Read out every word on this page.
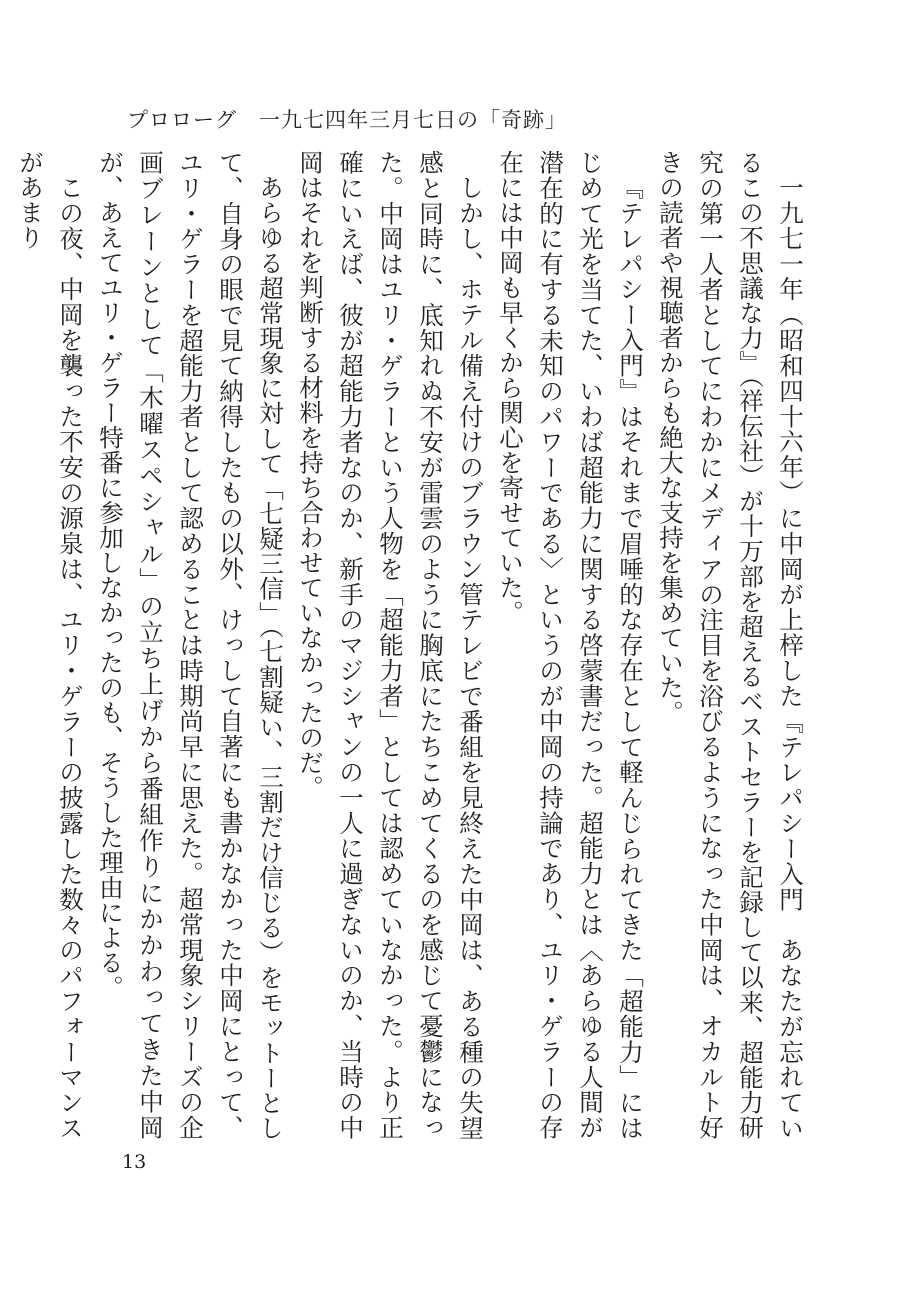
プロローグ　一九七四年三月七日の「奇跡」

一九七一年（昭和四十六年）に中岡が上梓した『テレパシー入門　あなたが忘れているこの不思議な力』（祥伝社）が十万部を超えるベストセラーを記録して以来、超能力研究の第一人者としてにわかにメディアの注目を浴びるようになった中岡は、オカルト好きの読者や視聴者からも絶大な支持を集めていた。

『テレパシー入門』はそれまで眉唾的な存在として軽んじられてきた「超能力」にはじめて光を当てた、いわば超能力に関する啓蒙書だった。超能力とは〈あらゆる人間が潜在的に有する未知のパワーである〉というのが中岡の持論であり、ユリ・ゲラーの存在には中岡も早くから関心を寄せていた。

しかし、ホテル備え付けのブラウン管テレビで番組を見終えた中岡は、ある種の失望感と同時に、底知れぬ不安が雷雲のように胸底にたちこめてくるのを感じて憂鬱になった。中岡はユリ・ゲラーという人物を「超能力者」としては認めていなかった。より正確にいえば、彼が超能力者なのか、新手のマジシャンの一人に過ぎないのか、当時の中岡はそれを判断する材料を持ち合わせていなかったのだ。

あらゆる超常現象に対して「七疑三信」（七割疑い、三割だけ信じる）をモットーとして、自身の眼で見て納得したもの以外、けっして自著にも書かなかった中岡にとって、ユリ・ゲラーを超能力者として認めることは時期尚早に思えた。超常現象シリーズの企画ブレーンとして「木曜スペシャル」の立ち上げから番組作りにかかわってきた中岡が、あえてユリ・ゲラー特番に参加しなかったのも、そうした理由による。

この夜、中岡を襲った不安の源泉は、ユリ・ゲラーの披露した数々のパフォーマンスがあまり

13
